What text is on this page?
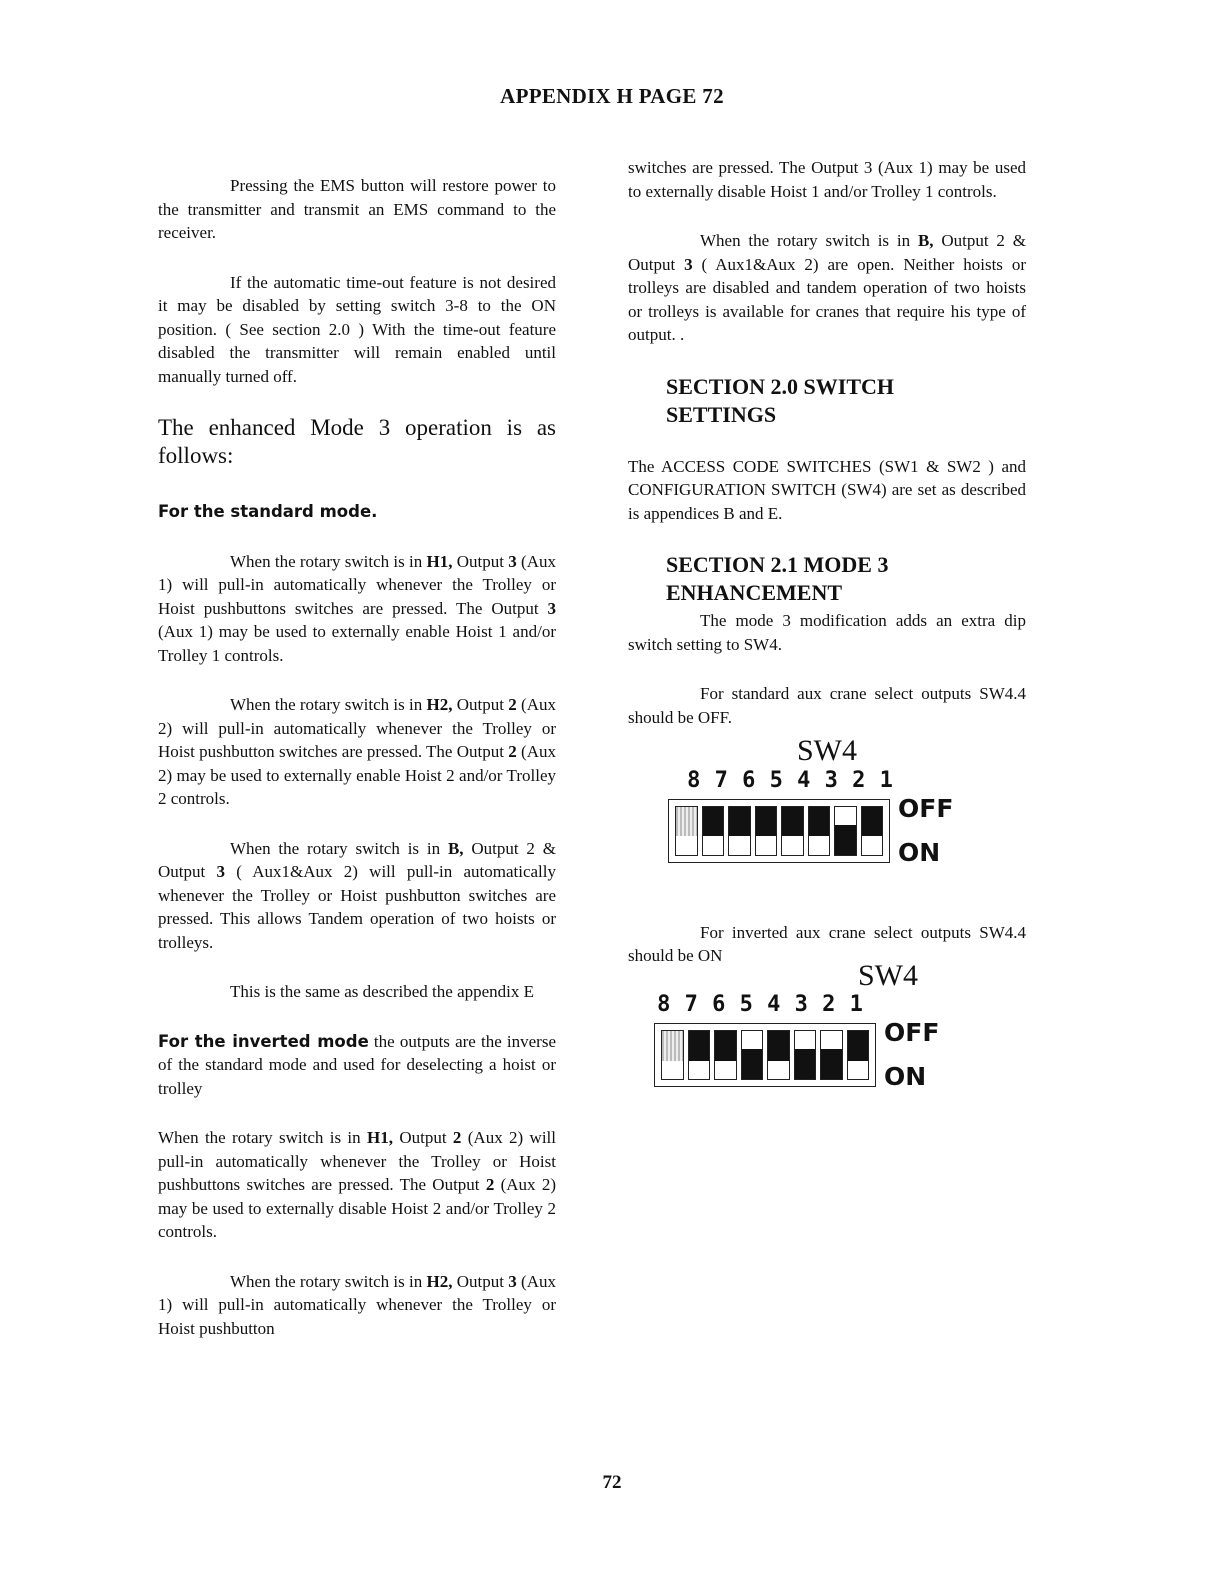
APPENDIX H PAGE 72

Pressing the EMS button will restore power to the transmitter and transmit an EMS command to the receiver.

If the automatic time-out feature is not desired it may be disabled by setting switch 3-8 to the ON position. ( See section 2.0 ) With the time-out feature disabled the transmitter will remain enabled until manually turned off.

The enhanced Mode 3 operation is as follows:

For the standard mode.

When the rotary switch is in H1, Output 3 (Aux 1) will pull-in automatically whenever the Trolley or Hoist pushbuttons switches are pressed. The Output 3 (Aux 1) may be used to externally enable Hoist 1 and/or Trolley 1 controls.

When the rotary switch is in H2, Output 2 (Aux 2) will pull-in automatically whenever the Trolley or Hoist pushbutton switches are pressed. The Output 2 (Aux 2) may be used to externally enable Hoist 2 and/or Trolley 2 controls.

When the rotary switch is in B, Output 2 & Output 3 ( Aux1&Aux 2) will pull-in automatically whenever the Trolley or Hoist pushbutton switches are pressed. This allows Tandem operation of two hoists or trolleys.

This is the same as described the appendix E

For the inverted mode the outputs are the inverse of the standard mode and used for deselecting a hoist or trolley

When the rotary switch is in H1, Output 2 (Aux 2) will pull-in automatically whenever the Trolley or Hoist pushbuttons switches are pressed. The Output 2 (Aux 2) may be used to externally disable Hoist 2 and/or Trolley 2 controls.

When the rotary switch is in H2, Output 3 (Aux 1) will pull-in automatically whenever the Trolley or Hoist pushbutton

switches are pressed. The Output 3 (Aux 1) may be used to externally disable Hoist 1 and/or Trolley 1 controls.

When the rotary switch is in B, Output 2 & Output 3 ( Aux1&Aux 2) are open. Neither hoists or trolleys are disabled and tandem operation of two hoists or trolleys is available for cranes that require his type of output. .

SECTION 2.0 SWITCH
SETTINGS

The ACCESS CODE SWITCHES (SW1 & SW2 ) and CONFIGURATION SWITCH (SW4) are set as described is appendices B and E.

SECTION 2.1 MODE 3
ENHANCEMENT

The mode 3 modification adds an extra dip switch setting to SW4.

For standard aux crane select outputs SW4.4 should be OFF.

SW4
8 7 6 5 4 3 2 1
OFF
ON

For inverted aux crane select outputs SW4.4 should be ON

SW4
8 7 6 5 4 3 2 1
OFF
ON
72
